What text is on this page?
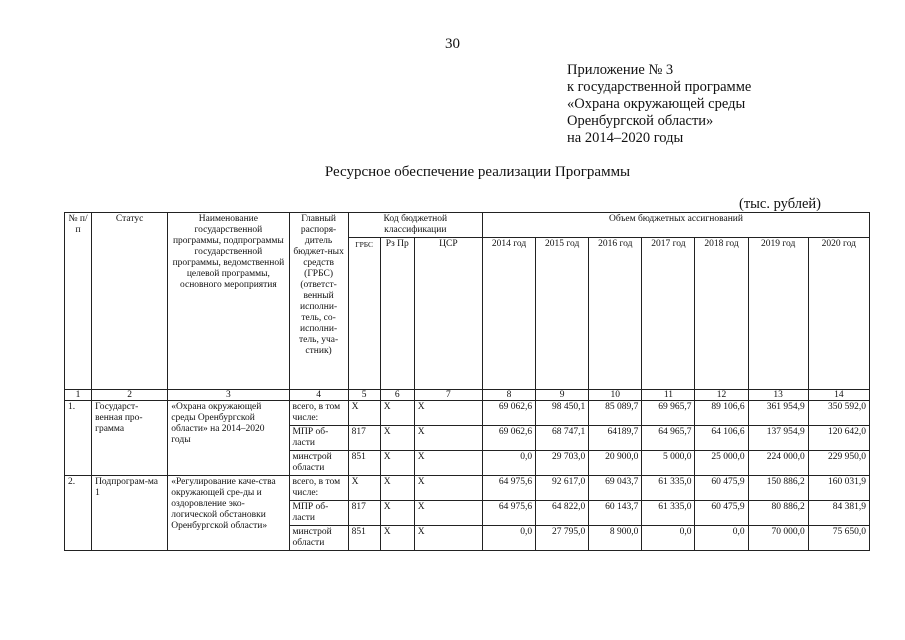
30
Приложение № 3
к государственной программе
«Охрана окружающей среды
Оренбургской области»
на 2014–2020 годы
Ресурсное обеспечение реализации Программы
(тыс. рублей)
№ п/п	Статус	Наименование государственной программы, подпрограммы государственной программы, ведомственной целевой программы, основного мероприятия	Главный распоря-дитель бюджет-ных средств (ГРБС) (ответст-венный исполни-тель, со-исполни-тель, уча-стник)	Код бюджетной классификации			Объем бюджетных ассигнований						
				ГРБС	Рз Пр	ЦСР	2014 год	2015 год	2016 год	2017 год	2018 год	2019 год	2020 год
1	2	3	4	5	6	7	8	9	10	11	12	13	14
1.	Государст-венная про-грамма	«Охрана окружающей среды Оренбургской области» на 2014–2020 годы	всего, в том числе:	X	X	X	69 062,6	98 450,1	85 089,7	69 965,7	89 106,6	361 954,9	350 592,0
			МПР об-ласти	817	X	X	69 062,6	68 747,1	64189,7	64 965,7	64 106,6	137 954,9	120 642,0
			минстрой области	851	X	X	0,0	29 703,0	20 900,0	5 000,0	25 000,0	224 000,0	229 950,0
2.	Подпрограм-ма 1	«Регулирование каче-ства окружающей сре-ды и оздоровление эко-логической обстановки Оренбургской области»	всего, в том числе:	X	X	X	64 975,6	92 617,0	69 043,7	61 335,0	60 475,9	150 886,2	160 031,9
			МПР об-ласти	817	X	X	64 975,6	64 822,0	60 143,7	61 335,0	60 475,9	80 886,2	84 381,9
			минстрой области	851	X	X	0,0	27 795,0	8 900,0	0,0	0,0	70 000,0	75 650,0
